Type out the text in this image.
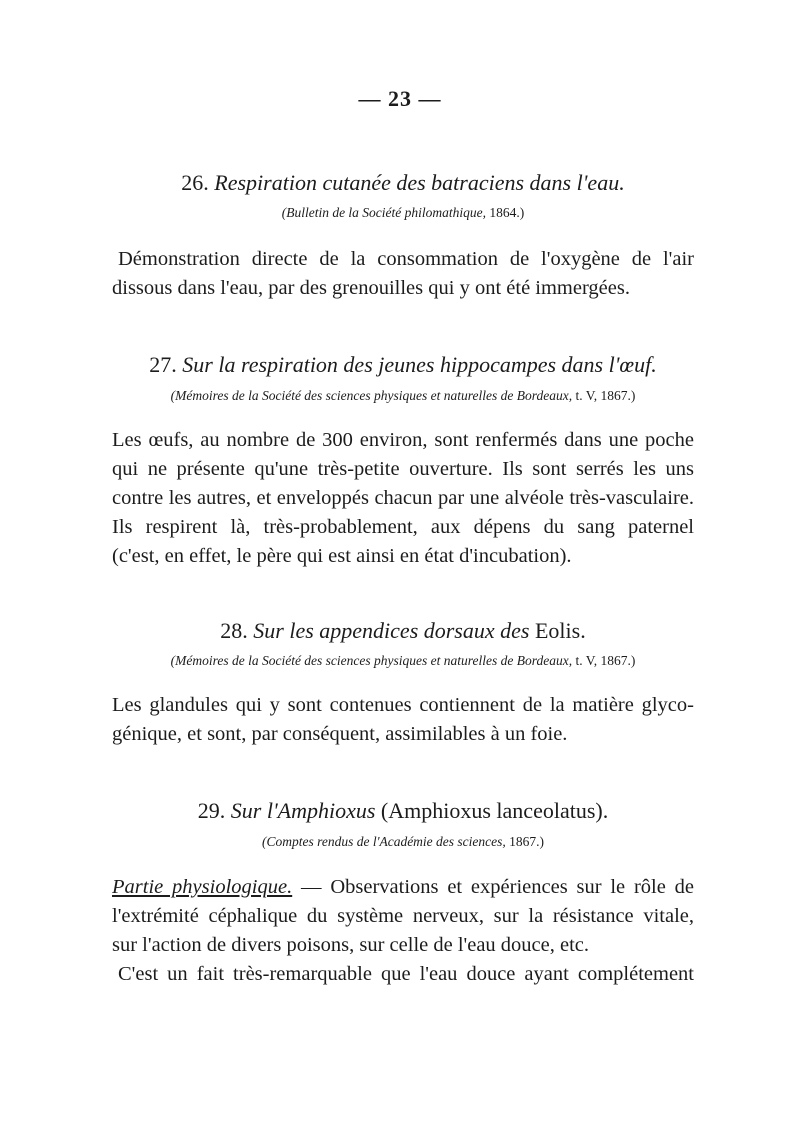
— 23 —
26. Respiration cutanée des batraciens dans l'eau.
(Bulletin de la Société philomathique, 1864.)
Démonstration directe de la consommation de l'oxygène de l'air
dissous dans l'eau, par des grenouilles qui y ont été immergées.
27. Sur la respiration des jeunes hippocampes dans l'œuf.
(Mémoires de la Société des sciences physiques et naturelles de Bordeaux, t. V, 1867.)
Les œufs, au nombre de 300 environ, sont renfermés dans une poche
qui ne présente qu'une très-petite ouverture. Ils sont serrés les uns
contre les autres, et enveloppés chacun par une alvéole très-vasculaire.
Ils respirent là, très-probablement, aux dépens du sang paternel
(c'est, en effet, le père qui est ainsi en état d'incubation).
28. Sur les appendices dorsaux des Eolis.
(Mémoires de la Société des sciences physiques et naturelles de Bordeaux, t. V, 1867.)
Les glandules qui y sont contenues contiennent de la matière glyco-
génique, et sont, par conséquent, assimilables à un foie.
29. Sur l'Amphioxus (Amphioxus lanceolatus).
(Comptes rendus de l'Académie des sciences, 1867.)
Partie physiologique. — Observations et expériences sur le rôle de
l'extrémité céphalique du système nerveux, sur la résistance vitale,
sur l'action de divers poisons, sur celle de l'eau douce, etc.
C'est un fait très-remarquable que l'eau douce ayant complétement
